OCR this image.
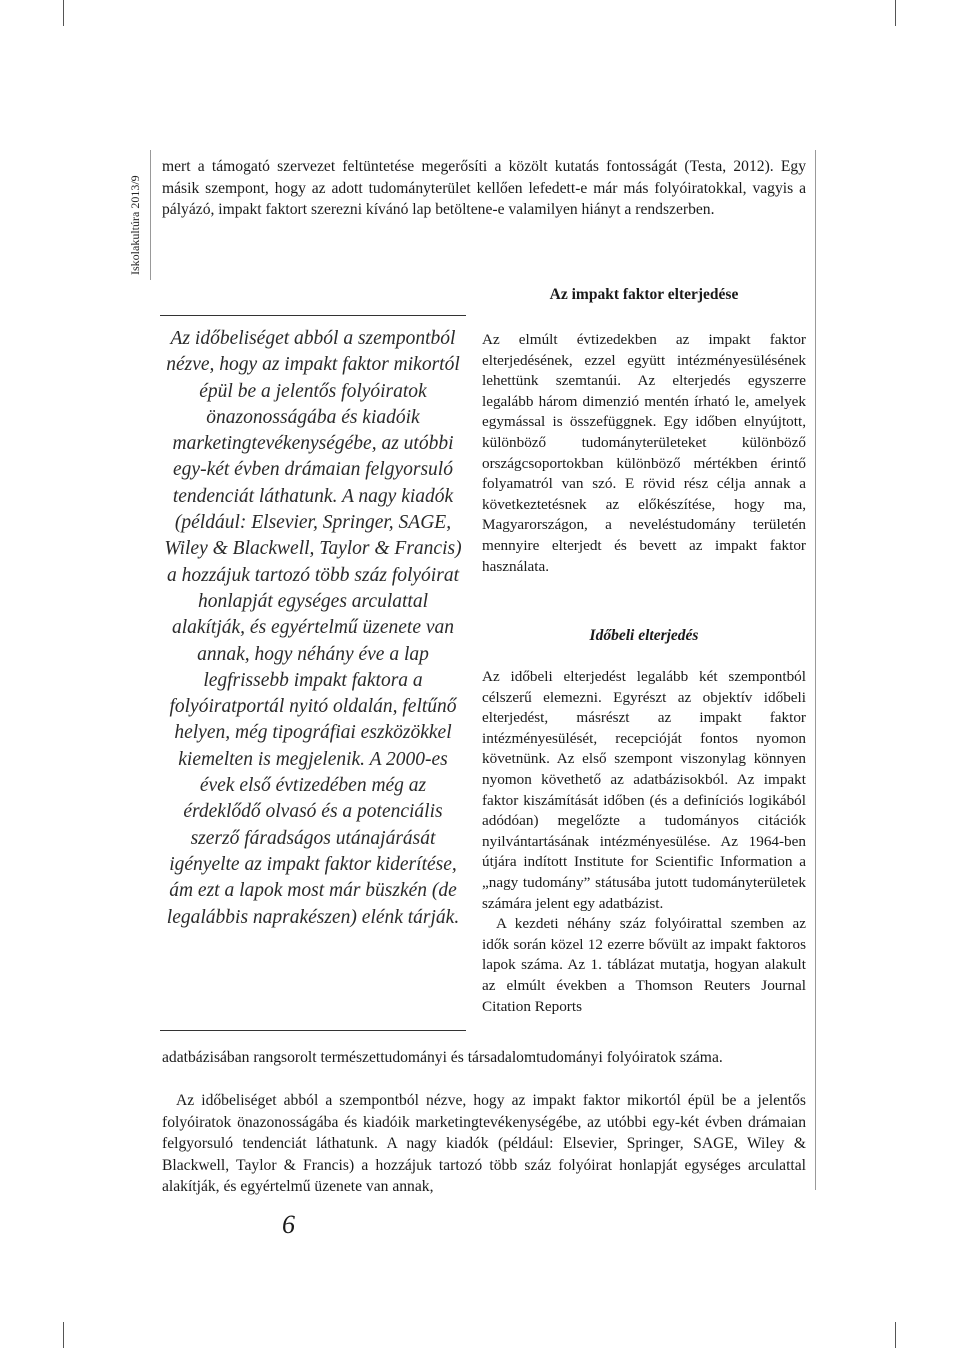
Iskolakultúra 2013/9

mert a támogató szervezet feltüntetése megerősíti a közölt kutatás fontosságát (Testa, 2012). Egy másik szempont, hogy az adott tudományterület kellően lefedett-e már más folyóiratokkal, vagyis a pályázó, impakt faktort szerezni kívánó lap betöltene-e valamilyen hiányt a rendszerben.

Az időbeliséget abból a szempontból nézve, hogy az impakt faktor mikortól épül be a jelentős folyóiratok önazonosságába és kiadóik marketingtevékenységébe, az utóbbi egy-két évben drámaian felgyorsuló tendenciát láthatunk. A nagy kiadók (például: Elsevier, Springer, SAGE, Wiley & Blackwell, Taylor & Francis) a hozzájuk tartozó több száz folyóirat honlapját egységes arculattal alakítják, és egyértelmű üzenete van annak, hogy néhány éve a lap legfrissebb impakt faktora a folyóiratportál nyitó oldalán, feltűnő helyen, még tipográfiai eszközökkel kiemelten is megjelenik. A 2000-es évek első évtizedében még az érdeklődő olvasó és a potenciális szerző fáradságos utánajárását igényelte az impakt faktor kiderítése, ám ezt a lapok most már büszkén (de legalábbis naprakészen) elénk tárják.

Az impakt faktor elterjedése

Az elmúlt évtizedekben az impakt faktor elterjedésének, ezzel együtt intézményesülésének lehettünk szemtanúi. Az elterjedés egyszerre legalább három dimenzió mentén írható le, amelyek egymással is összefüggnek. Egy időben elnyújtott, különböző tudományterületeket különböző országcsoportokban különböző mértékben érintő folyamatról van szó. E rövid rész célja annak a következtetésnek az előkészítése, hogy ma, Magyarországon, a neveléstudomány területén mennyire elterjedt és bevett az impakt faktor használata.

Időbeli elterjedés

Az időbeli elterjedést legalább két szempontból célszerű elemezni. Egyrészt az objektív időbeli elterjedést, másrészt az impakt faktor intézményesülését, recepcióját fontos nyomon követnünk. Az első szempont viszonylag könnyen nyomon követhető az adatbázisokból. Az impakt faktor kiszámítását időben (és a definíciós logikából adódóan) megelőzte a tudományos citációk nyilvántartásának intézményesülése. Az 1964-ben útjára indított Institute for Scientific Information a „nagy tudomány” státusába jutott tudományterületek számára jelent egy adatbázist.

A kezdeti néhány száz folyóirattal szemben az idők során közel 12 ezerre bővült az impakt faktoros lapok száma. Az 1. táblázat mutatja, hogyan alakult az elmúlt években a Thomson Reuters Journal Citation Reports

adatbázisában rangsorolt természettudományi és társadalomtudományi folyóiratok száma.

Az időbeliséget abból a szempontból nézve, hogy az impakt faktor mikortól épül be a jelentős folyóiratok önazonosságába és kiadóik marketingtevékenységébe, az utóbbi egy-két évben drámaian felgyorsuló tendenciát láthatunk. A nagy kiadók (például: Elsevier, Springer, SAGE, Wiley & Blackwell, Taylor & Francis) a hozzájuk tartozó több száz folyóirat honlapját egységes arculattal alakítják, és egyértelmű üzenete van annak,

6
